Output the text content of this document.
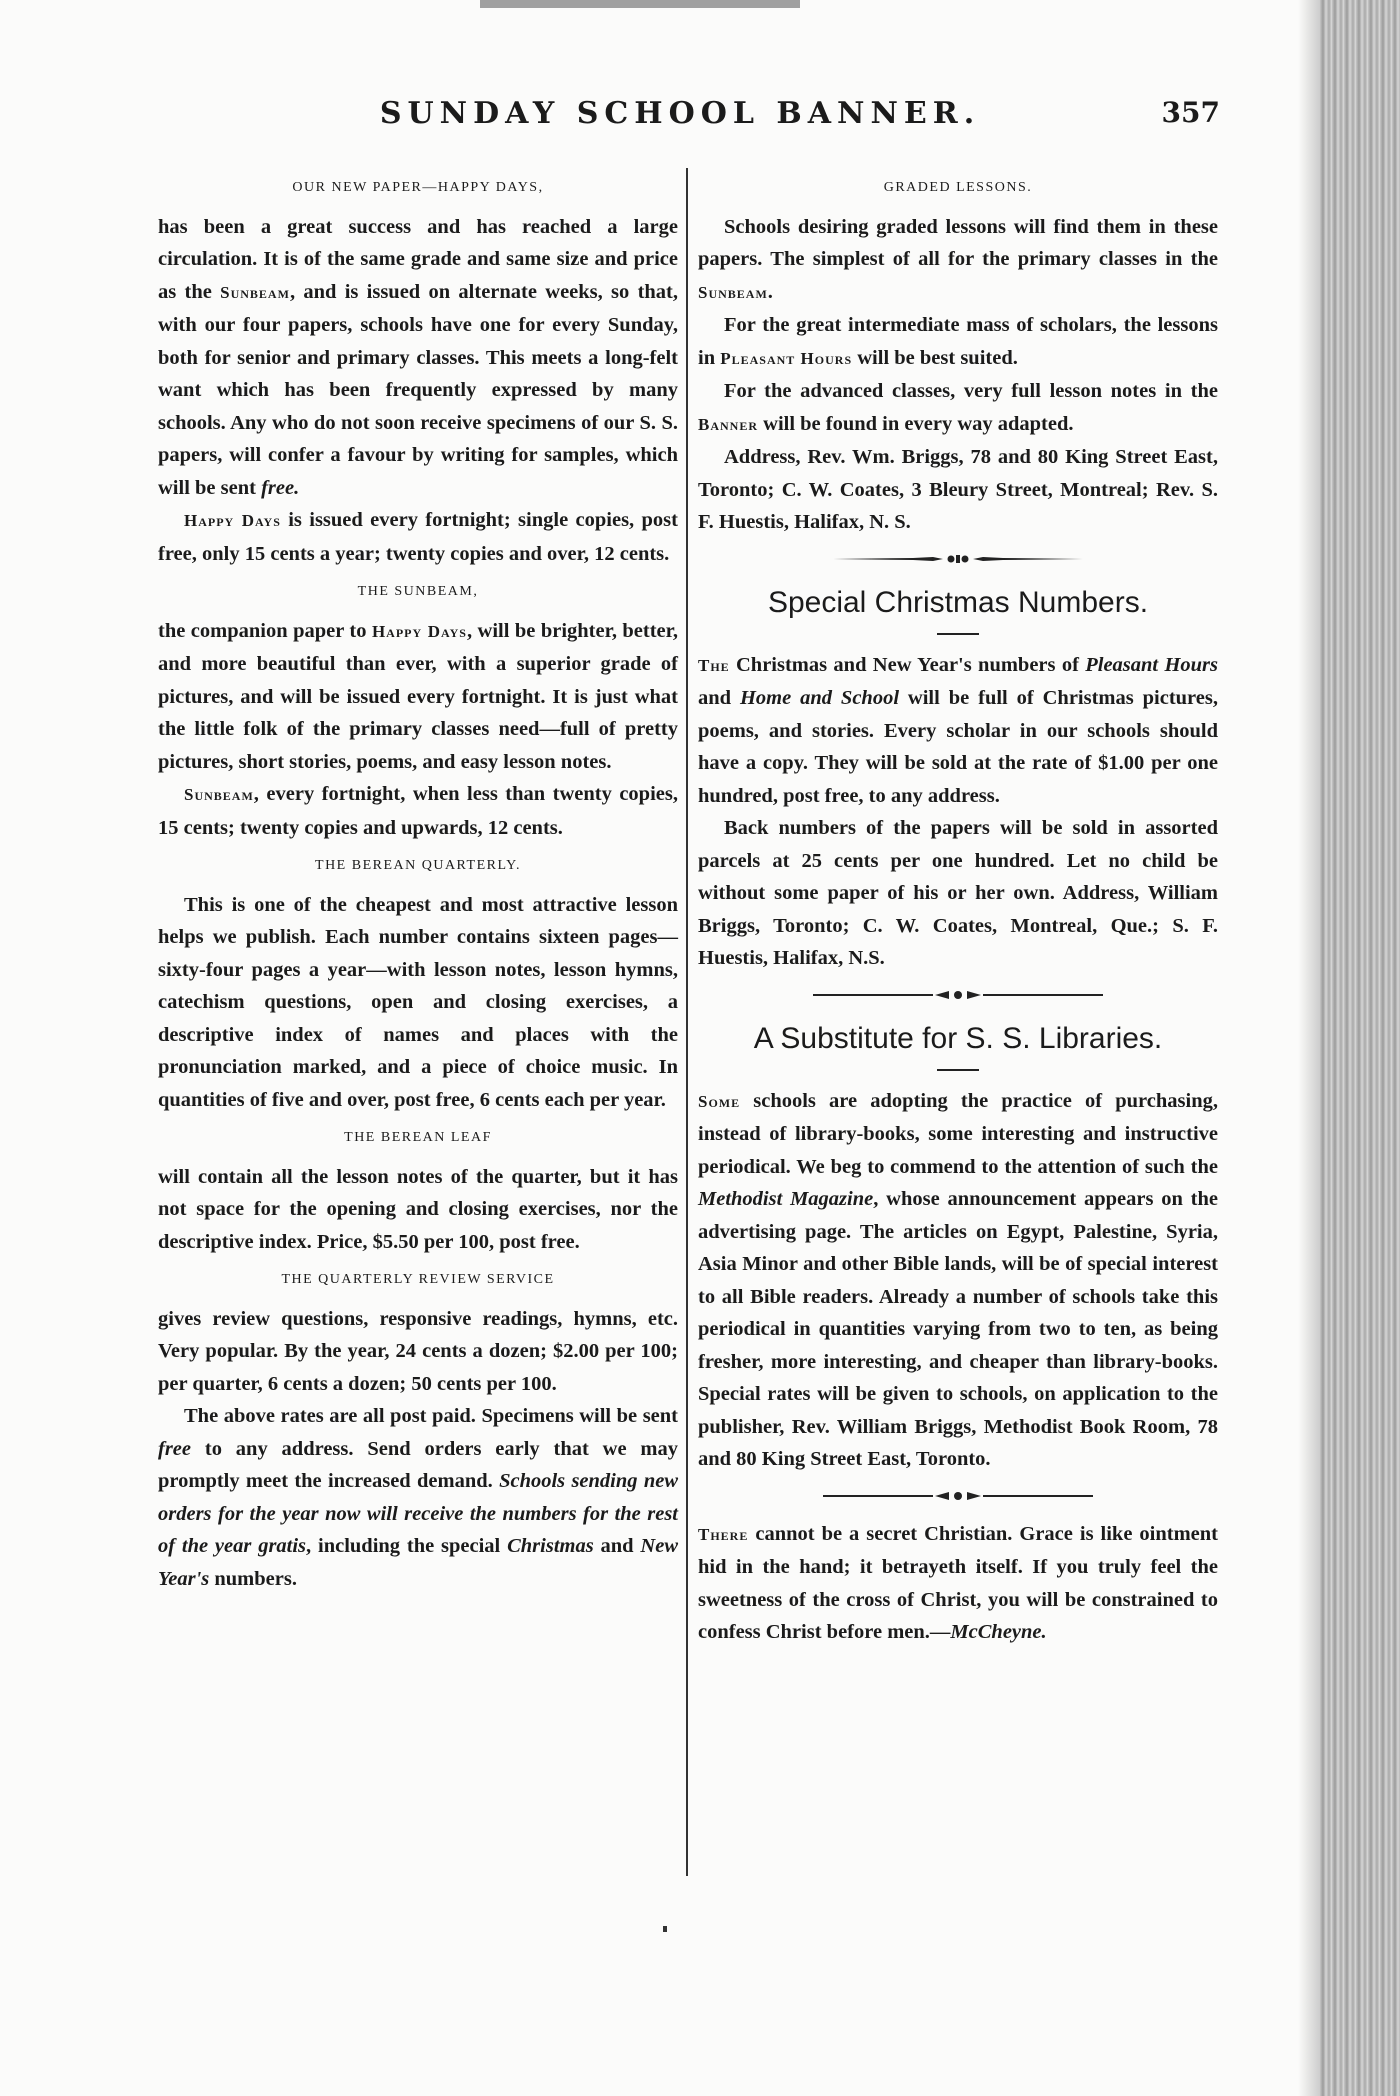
SUNDAY SCHOOL BANNER.	357
OUR NEW PAPER—HAPPY DAYS,

has been a great success and has reached a large circulation. It is of the same grade and same size and price as the Sunbeam, and is issued on alternate weeks, so that, with our four papers, schools have one for every Sunday, both for senior and primary classes. This meets a long-felt want which has been frequently expressed by many schools. Any who do not soon receive specimens of our S. S. papers, will confer a favour by writing for samples, which will be sent free.

Happy Days is issued every fortnight; single copies, post free, only 15 cents a year; twenty copies and over, 12 cents.

THE SUNBEAM,

the companion paper to Happy Days, will be brighter, better, and more beautiful than ever, with a superior grade of pictures, and will be issued every fortnight. It is just what the little folk of the primary classes need—full of pretty pictures, short stories, poems, and easy lesson notes.

Sunbeam, every fortnight, when less than twenty copies, 15 cents; twenty copies and upwards, 12 cents.

THE BEREAN QUARTERLY.

This is one of the cheapest and most attractive lesson helps we publish. Each number contains sixteen pages—sixty-four pages a year—with lesson notes, lesson hymns, catechism questions, open and closing exercises, a descriptive index of names and places with the pronunciation marked, and a piece of choice music. In quantities of five and over, post free, 6 cents each per year.

THE BEREAN LEAF

will contain all the lesson notes of the quarter, but it has not space for the opening and closing exercises, nor the descriptive index. Price, $5.50 per 100, post free.

THE QUARTERLY REVIEW SERVICE

gives review questions, responsive readings, hymns, etc. Very popular. By the year, 24 cents a dozen; $2.00 per 100; per quarter, 6 cents a dozen; 50 cents per 100.

The above rates are all post paid. Specimens will be sent free to any address. Send orders early that we may promptly meet the increased demand. Schools sending new orders for the year now will receive the numbers for the rest of the year gratis, including the special Christmas and New Year's numbers.

GRADED LESSONS.

Schools desiring graded lessons will find them in these papers. The simplest of all for the primary classes in the Sunbeam.

For the great intermediate mass of scholars, the lessons in Pleasant Hours will be best suited.

For the advanced classes, very full lesson notes in the Banner will be found in every way adapted.

Address, Rev. Wm. Briggs, 78 and 80 King Street East, Toronto; C. W. Coates, 3 Bleury Street, Montreal; Rev. S. F. Huestis, Halifax, N. S.

Special Christmas Numbers.

The Christmas and New Year's numbers of Pleasant Hours and Home and School will be full of Christmas pictures, poems, and stories. Every scholar in our schools should have a copy. They will be sold at the rate of $1.00 per one hundred, post free, to any address.

Back numbers of the papers will be sold in assorted parcels at 25 cents per one hundred. Let no child be without some paper of his or her own. Address, William Briggs, Toronto; C. W. Coates, Montreal, Que.; S. F. Huestis, Halifax, N.S.

A Substitute for S. S. Libraries.

Some schools are adopting the practice of purchasing, instead of library-books, some interesting and instructive periodical. We beg to commend to the attention of such the Methodist Magazine, whose announcement appears on the advertising page. The articles on Egypt, Palestine, Syria, Asia Minor and other Bible lands, will be of special interest to all Bible readers. Already a number of schools take this periodical in quantities varying from two to ten, as being fresher, more interesting, and cheaper than library-books. Special rates will be given to schools, on application to the publisher, Rev. William Briggs, Methodist Book Room, 78 and 80 King Street East, Toronto.

There cannot be a secret Christian. Grace is like ointment hid in the hand; it betrayeth itself. If you truly feel the sweetness of the cross of Christ, you will be constrained to confess Christ before men.—McCheyne.
